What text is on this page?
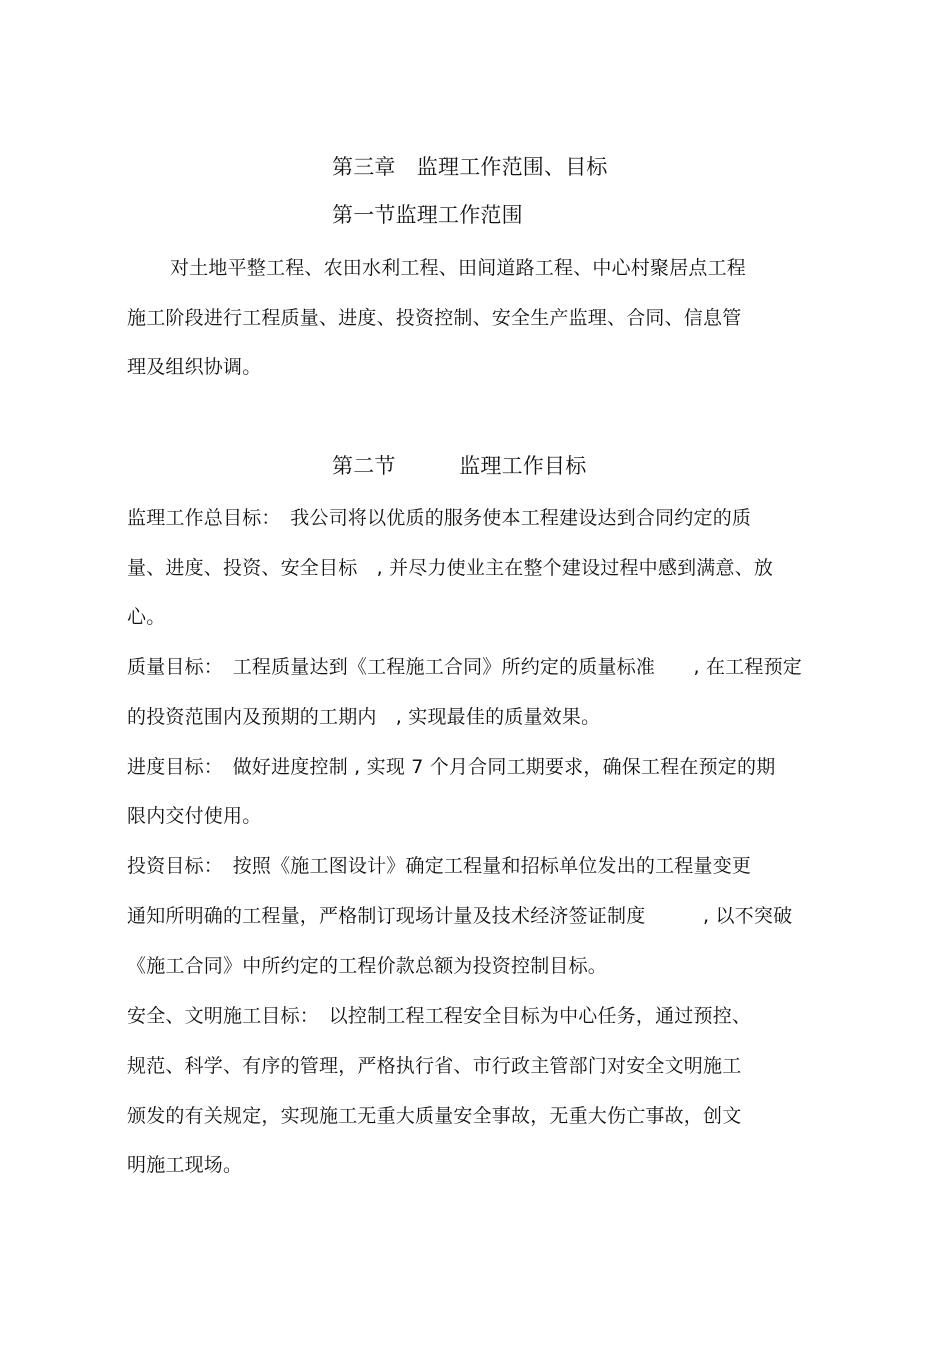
第三章　监理工作范围、目标
第一节监理工作范围
对土地平整工程、农田水利工程、田间道路工程、中心村聚居点工程
施工阶段进行工程质量、进度、投资控制、安全生产监理、合同、信息管
理及组织协调。
第二节　　　监理工作目标
监理工作总目标：　我公司将以优质的服务使本工程建设达到合同约定的质
量、进度、投资、安全目标　, 并尽力使业主在整个建设过程中感到满意、放
心。
质量目标：　工程质量达到《工程施工合同》所约定的质量标准　　, 在工程预定
的投资范围内及预期的工期内　, 实现最佳的质量效果。
进度目标：　做好进度控制 , 实现 7 个月合同工期要求，确保工程在预定的期
限内交付使用。
投资目标：　按照《施工图设计》确定工程量和招标单位发出的工程量变更
通知所明确的工程量，严格制订现场计量及技术经济签证制度　　　, 以不突破
《施工合同》中所约定的工程价款总额为投资控制目标。
安全、文明施工目标：　以控制工程工程安全目标为中心任务，通过预控、
规范、科学、有序的管理，严格执行省、市行政主管部门对安全文明施工
颁发的有关规定，实现施工无重大质量安全事故，无重大伤亡事故，创文
明施工现场。
